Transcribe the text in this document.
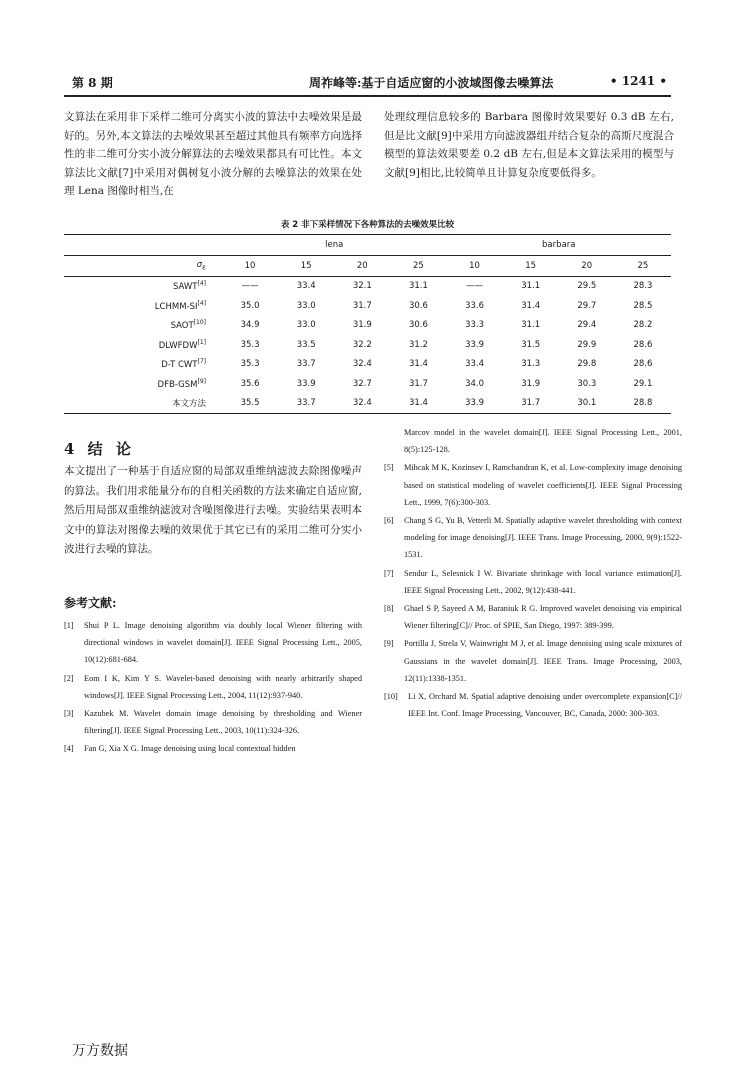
第 8 期	周祚峰等:基于自适应窗的小波域图像去噪算法	• 1241 •
文算法在采用非下采样二维可分离实小波的算法中去噪效果是最好的。另外,本文算法的去噪效果甚至超过其他具有频率方向选择性的非二维可分实小波分解算法的去噪效果都具有可比性。本文算法比文献[7]中采用对偶树复小波分解的去噪算法的效果在处理 Lena 图像时相当,在
处理纹理信息较多的 Barbara 图像时效果要好 0.3 dB 左右,但是比文献[9]中采用方向滤波器组并结合复杂的高斯尺度混合模型的算法效果要差 0.2 dB 左右,但是本文算法采用的模型与文献[9]相比,比较简单且计算复杂度要低得多。
表 2 非下采样情况下各种算法的去噪效果比较
	lena				barbara			
$\sigma_\varepsilon$	10	15	20	25	10	15	20	25
SAWT[4]	——	33.4	32.1	31.1	——	31.1	29.5	28.3
LCHMM-SI[4]	35.0	33.0	31.7	30.6	33.6	31.4	29.7	28.5
SAOT[10]	34.9	33.0	31.9	30.6	33.3	31.1	29.4	28.2
DLWFDW[1]	35.3	33.5	32.2	31.2	33.9	31.5	29.9	28.6
D-T CWT[7]	35.3	33.7	32.4	31.4	33.4	31.3	29.8	28.6
DFB-GSM[9]	35.6	33.9	32.7	31.7	34.0	31.9	30.3	29.1
本文方法	35.5	33.7	32.4	31.4	33.9	31.7	30.1	28.8
4 结 论
本文提出了一种基于自适应窗的局部双重维纳滤波去除图像噪声的算法。我们用求能量分布的自相关函数的方法来确定自适应窗,然后用局部双重维纳滤波对含噪图像进行去噪。实验结果表明本文中的算法对图像去噪的效果优于其它已有的采用二维可分实小波进行去噪的算法。
参考文献:
[1] Shui P L. Image denoising algorithm via doubly local Wiener filtering with directional windows in wavelet domain[J]. IEEE Signal Processing Lett., 2005, 10(12):681-684.
[2] Eom I K, Kim Y S. Wavelet-based denoising with nearly arbitrarily shaped windows[J]. IEEE Signal Processing Lett., 2004, 11(12):937-940.
[3] Kazubek M. Wavelet domain image denoising by thresholding and Wiener filtering[J]. IEEE Signal Processing Lett., 2003, 10(11):324-326.
[4] Fan G, Xia X G. Image denoising using local contextual hidden
Marcov model in the wavelet domain[J]. IEEE Signal Processing Lett., 2001, 8(5):125-128.
[5] Mihcak M K, Kozinsev I, Ramchandran K, et al. Low-complexity image denoising based on statistical modeling of wavelet coefficients[J]. IEEE Signal Processing Lett., 1999, 7(6):300-303.
[6] Chang S G, Yu B, Vetterli M. Spatially adaptive wavelet thresholding with context modeling for image denoising[J]. IEEE Trans. Image Processing, 2000, 9(9):1522-1531.
[7] Sendur L, Selesnick I W. Bivariate shrinkage with local variance estimation[J]. IEEE Signal Processing Lett., 2002, 9(12):438-441.
[8] Ghael S P, Sayeed A M, Baraniuk R G. Improved wavelet denoising via empirical Wiener filtering[C]// Proc. of SPIE, San Diego, 1997: 389-399.
[9] Portilla J, Strela V, Wainwright M J, et al. Image denoising using scale mixtures of Gaussians in the wavelet domain[J]. IEEE Trans. Image Processing, 2003, 12(11):1338-1351.
[10] Li X, Orchard M. Spatial adaptive denoising under overcomplete expansion[C]// IEEE Int. Conf. Image Processing, Vancouver, BC, Canada, 2000: 300-303.
万方数据
